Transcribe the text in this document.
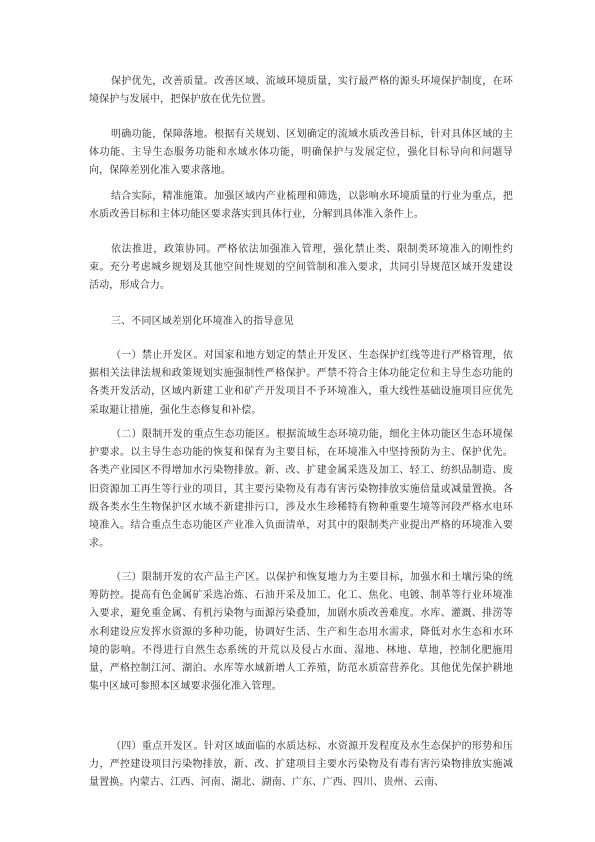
保护优先，改善质量。改善区域、流域环境质量，实行最严格的源头环境保护制度，在环境保护与发展中，把保护放在优先位置。

明确功能，保障落地。根据有关规划、区划确定的流域水质改善目标，针对具体区域的主体功能、主导生态服务功能和水域水体功能，明确保护与发展定位，强化目标导向和问题导向，保障差别化准入要求落地。

结合实际，精准施策。加强区域内产业梳理和筛选，以影响水环境质量的行业为重点，把水质改善目标和主体功能区要求落实到具体行业，分解到具体准入条件上。

依法推进，政策协同。严格依法加强准入管理，强化禁止类、限制类环境准入的刚性约束。充分考虑城乡规划及其他空间性规划的空间管制和准入要求，共同引导规范区域开发建设活动，形成合力。

三、不同区域差别化环境准入的指导意见

（一）禁止开发区。对国家和地方划定的禁止开发区、生态保护红线等进行严格管理，依据相关法律法规和政策规划实施强制性严格保护。严禁不符合主体功能定位和主导生态功能的各类开发活动，区域内新建工业和矿产开发项目不予环境准入，重大线性基础设施项目应优先采取避让措施，强化生态修复和补偿。

（二）限制开发的重点生态功能区。根据流域生态环境功能，细化主体功能区生态环境保护要求。以主导生态功能的恢复和保育为主要目标，在环境准入中坚持预防为主、保护优先。各类产业园区不得增加水污染物排放。新、改、扩建金属采选及加工、轻工、纺织品制造、废旧资源加工再生等行业的项目，其主要污染物及有毒有害污染物排放实施倍量或减量置换。各级各类水生生物保护区水域不新建排污口，涉及水生珍稀特有物种重要生境等河段严格水电环境准入。结合重点生态功能区产业准入负面清单，对其中的限制类产业提出严格的环境准入要求。

（三）限制开发的农产品主产区。以保护和恢复地力为主要目标，加强水和土壤污染的统筹防控。提高有色金属矿采选冶炼、石油开采及加工、化工、焦化、电镀、制革等行业环境准入要求，避免重金属、有机污染物与面源污染叠加，加剧水质改善难度。水库、灌溉、排涝等水利建设应发挥水资源的多种功能，协调好生活、生产和生态用水需求，降低对水生态和水环境的影响。不得进行自然生态系统的开荒以及侵占水面、湿地、林地、草地，控制化肥施用量，严格控制江河、湖泊、水库等水域新增人工养殖，防范水质富营养化。其他优先保护耕地集中区域可参照本区域要求强化准入管理。

（四）重点开发区。针对区域面临的水质达标、水资源开发程度及水生态保护的形势和压力，严控建设项目污染物排放，新、改、扩建项目主要水污染物及有毒有害污染物排放实施减量置换。内蒙古、江西、河南、湖北、湖南、广东、广西、四川、贵州、云南、
